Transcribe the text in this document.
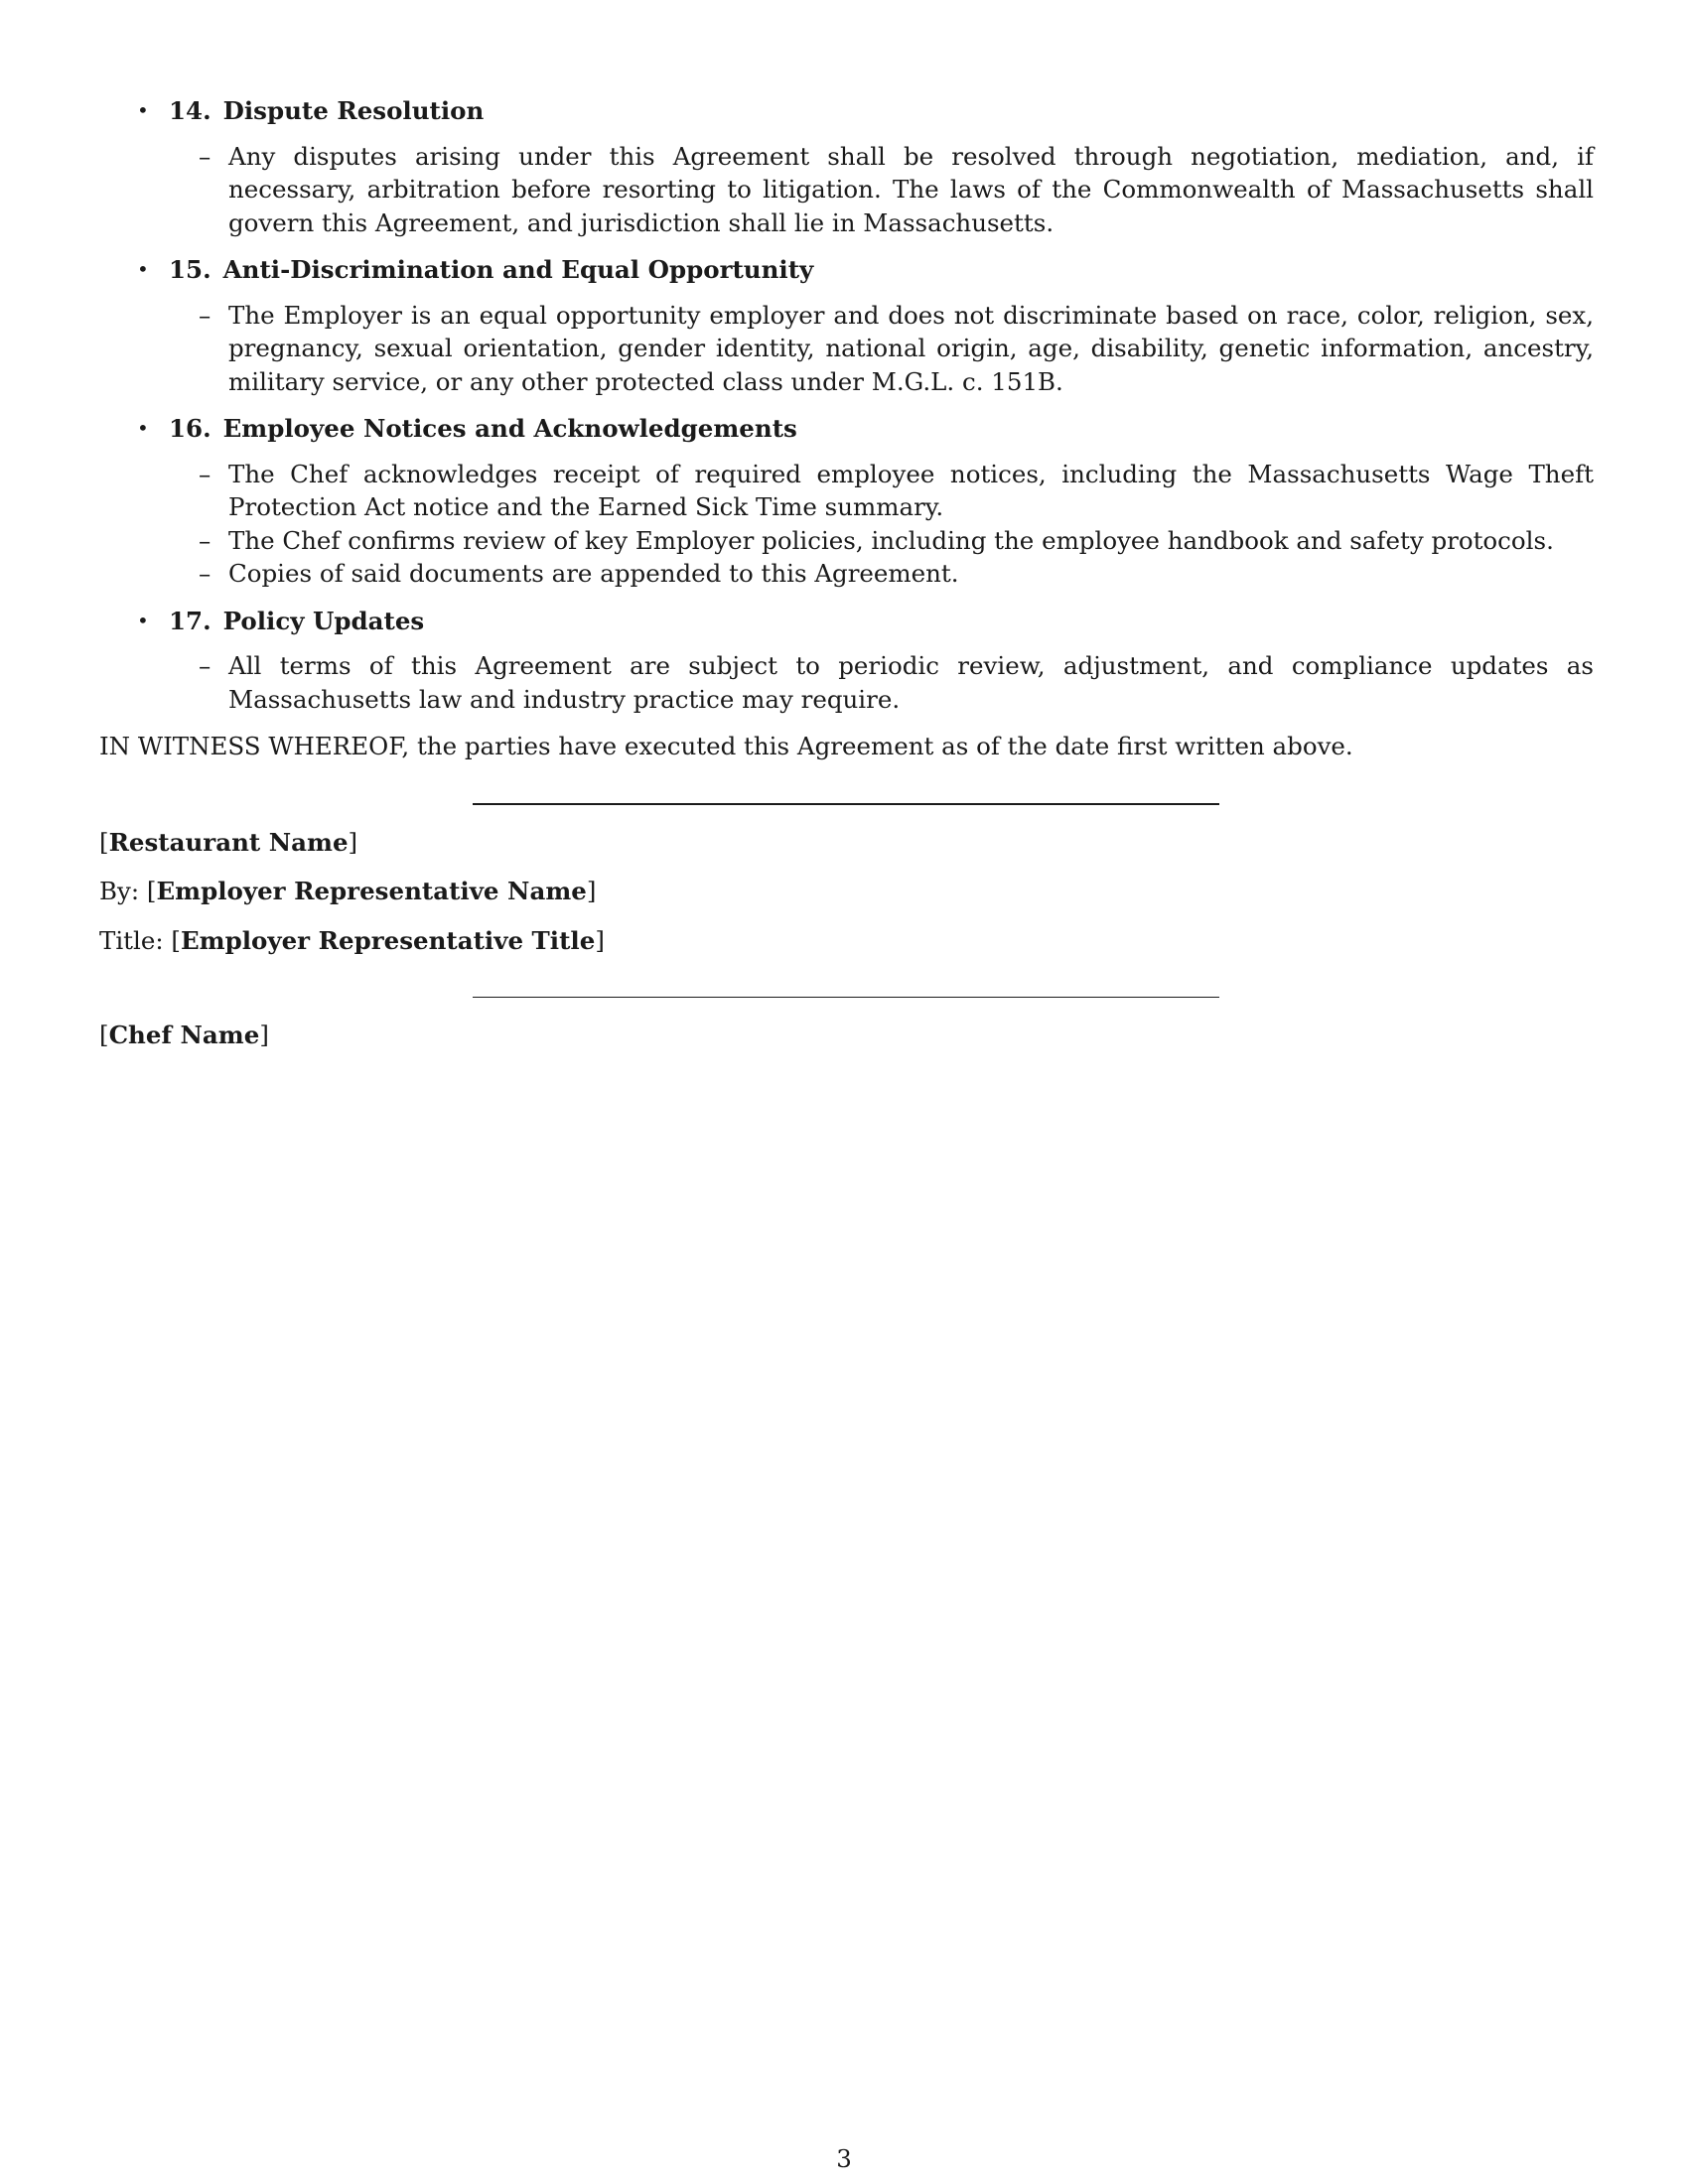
• 14. Dispute Resolution
– Any disputes arising under this Agreement shall be resolved through negotiation, mediation, and, if necessary, arbitration before resorting to litigation. The laws of the Commonwealth of Massachusetts shall govern this Agreement, and jurisdiction shall lie in Massachusetts.
• 15. Anti-Discrimination and Equal Opportunity
– The Employer is an equal opportunity employer and does not discriminate based on race, color, religion, sex, pregnancy, sexual orientation, gender identity, national origin, age, disability, genetic information, ancestry, military service, or any other protected class under M.G.L. c. 151B.
• 16. Employee Notices and Acknowledgements
– The Chef acknowledges receipt of required employee notices, including the Massachusetts Wage Theft Protection Act notice and the Earned Sick Time summary.
– The Chef confirms review of key Employer policies, including the employee handbook and safety protocols.
– Copies of said documents are appended to this Agreement.
• 17. Policy Updates
– All terms of this Agreement are subject to periodic review, adjustment, and compliance updates as Massachusetts law and industry practice may require.

IN WITNESS WHEREOF, the parties have executed this Agreement as of the date first written above.

[Restaurant Name]

By: [Employer Representative Name]

Title: [Employer Representative Title]

[Chef Name]

3
